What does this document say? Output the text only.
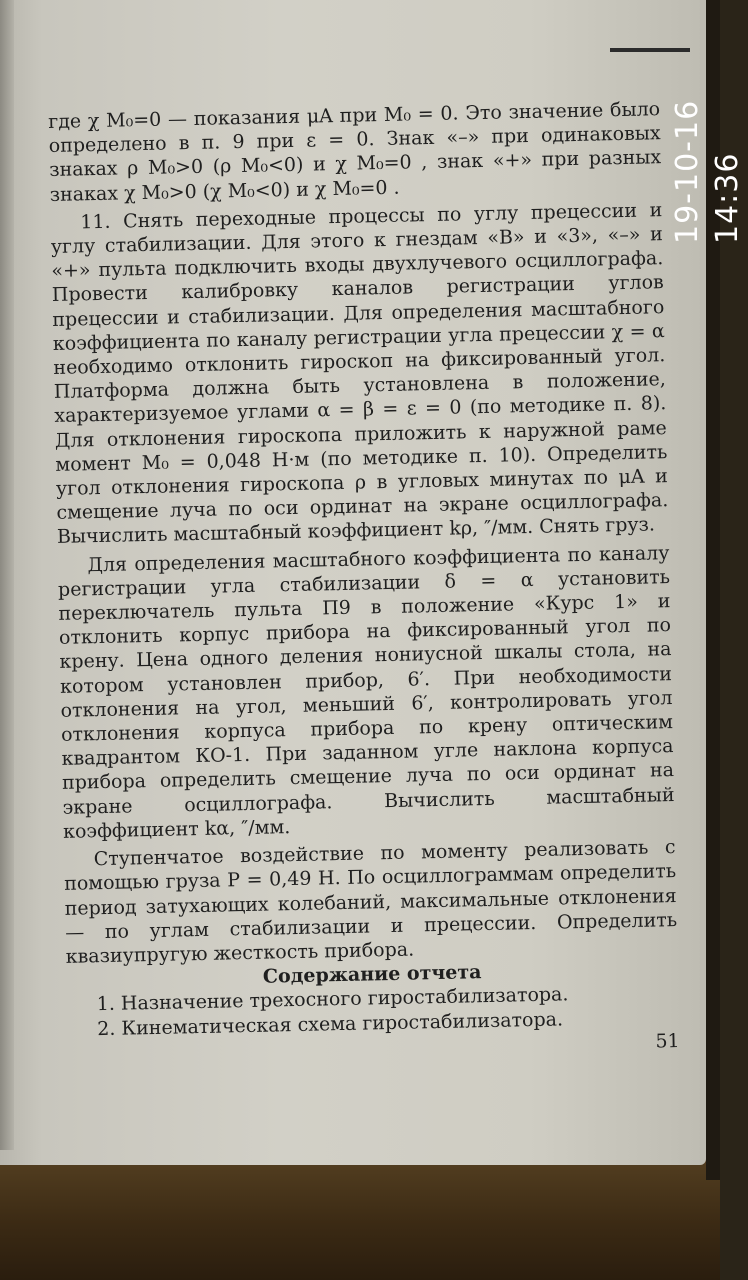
где χ M₀=0 — показания μA при M₀ = 0. Это значение было определено в п. 9 при ε = 0. Знак «–» при одинаковых знаках ρ M₀>0 (ρ M₀<0) и χ M₀=0 , знак «+» при разных знаках χ M₀>0 (χ M₀<0) и χ M₀=0 .

11. Снять переходные процессы по углу прецессии и углу стабилизации. Для этого к гнездам «В» и «3», «–» и «+» пульта подключить входы двухлучевого осциллографа. Провести калибровку каналов регистрации углов прецессии и стабилизации. Для определения масштабного коэффициента по каналу регистрации угла прецессии χ = α необходимо отклонить гироскоп на фиксированный угол. Платформа должна быть установлена в положение, характеризуемое углами α = β = ε = 0 (по методике п. 8). Для отклонения гироскопа приложить к наружной раме момент M₀ = 0,048 Н·м (по методике п. 10). Определить угол отклонения гироскопа ρ в угловых минутах по μA и смещение луча по оси ординат на экране осциллографа. Вычислить масштабный коэффициент kρ, ″/мм. Снять груз.

Для определения масштабного коэффициента по каналу регистрации угла стабилизации δ = α установить переключатель пульта П9 в положение «Курс 1» и отклонить корпус прибора на фиксированный угол по крену. Цена одного деления нониусной шкалы стола, на котором установлен прибор, 6′. При необходимости отклонения на угол, меньший 6′, контролировать угол отклонения корпуса прибора по крену оптическим квадрантом КО-1. При заданном угле наклона корпуса прибора определить смещение луча по оси ординат на экране осциллографа. Вычислить масштабный коэффициент kα, ″/мм.

Ступенчатое воздействие по моменту реализовать с помощью груза P = 0,49 Н. По осциллограммам определить период затухающих колебаний, максимальные отклонения — по углам стабилизации и прецессии. Определить квазиупругую жесткость прибора.

Содержание отчета

1. Назначение трехосного гиростабилизатора.

2. Кинематическая схема гиростабилизатора.

51

19-10-16 14:36
